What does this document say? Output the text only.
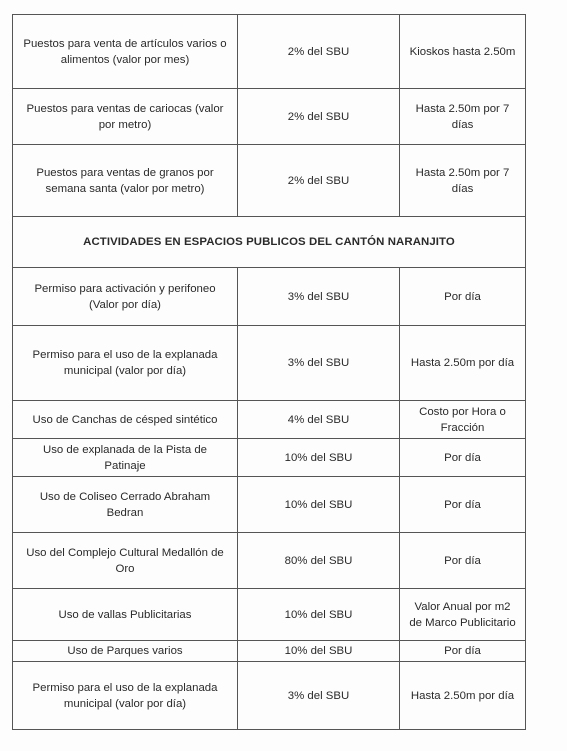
Puestos para venta de artículos varios o alimentos (valor por mes)	2% del SBU	Kioskos hasta 2.50m
Puestos para ventas de cariocas (valor por metro)	2% del SBU	Hasta 2.50m por 7 días
Puestos para ventas de granos por semana santa (valor por metro)	2% del SBU	Hasta 2.50m por 7 días
ACTIVIDADES EN ESPACIOS PUBLICOS DEL CANTÓN NARANJITO		
Permiso para activación y perifoneo (Valor por día)	3% del SBU	Por día
Permiso para el uso de la explanada municipal (valor por día)	3% del SBU	Hasta 2.50m por día
Uso de Canchas de césped sintético	4% del SBU	Costo por Hora o Fracción
Uso de explanada de la Pista de Patinaje	10% del SBU	Por día
Uso de Coliseo Cerrado Abraham Bedran	10% del SBU	Por día
Uso del Complejo Cultural Medallón de Oro	80% del SBU	Por día
Uso de vallas Publicitarias	10% del SBU	Valor Anual por m2 de Marco Publicitario
Uso de Parques varios	10% del SBU	Por día
Permiso para el uso de la explanada municipal (valor por día)	3% del SBU	Hasta 2.50m por día
